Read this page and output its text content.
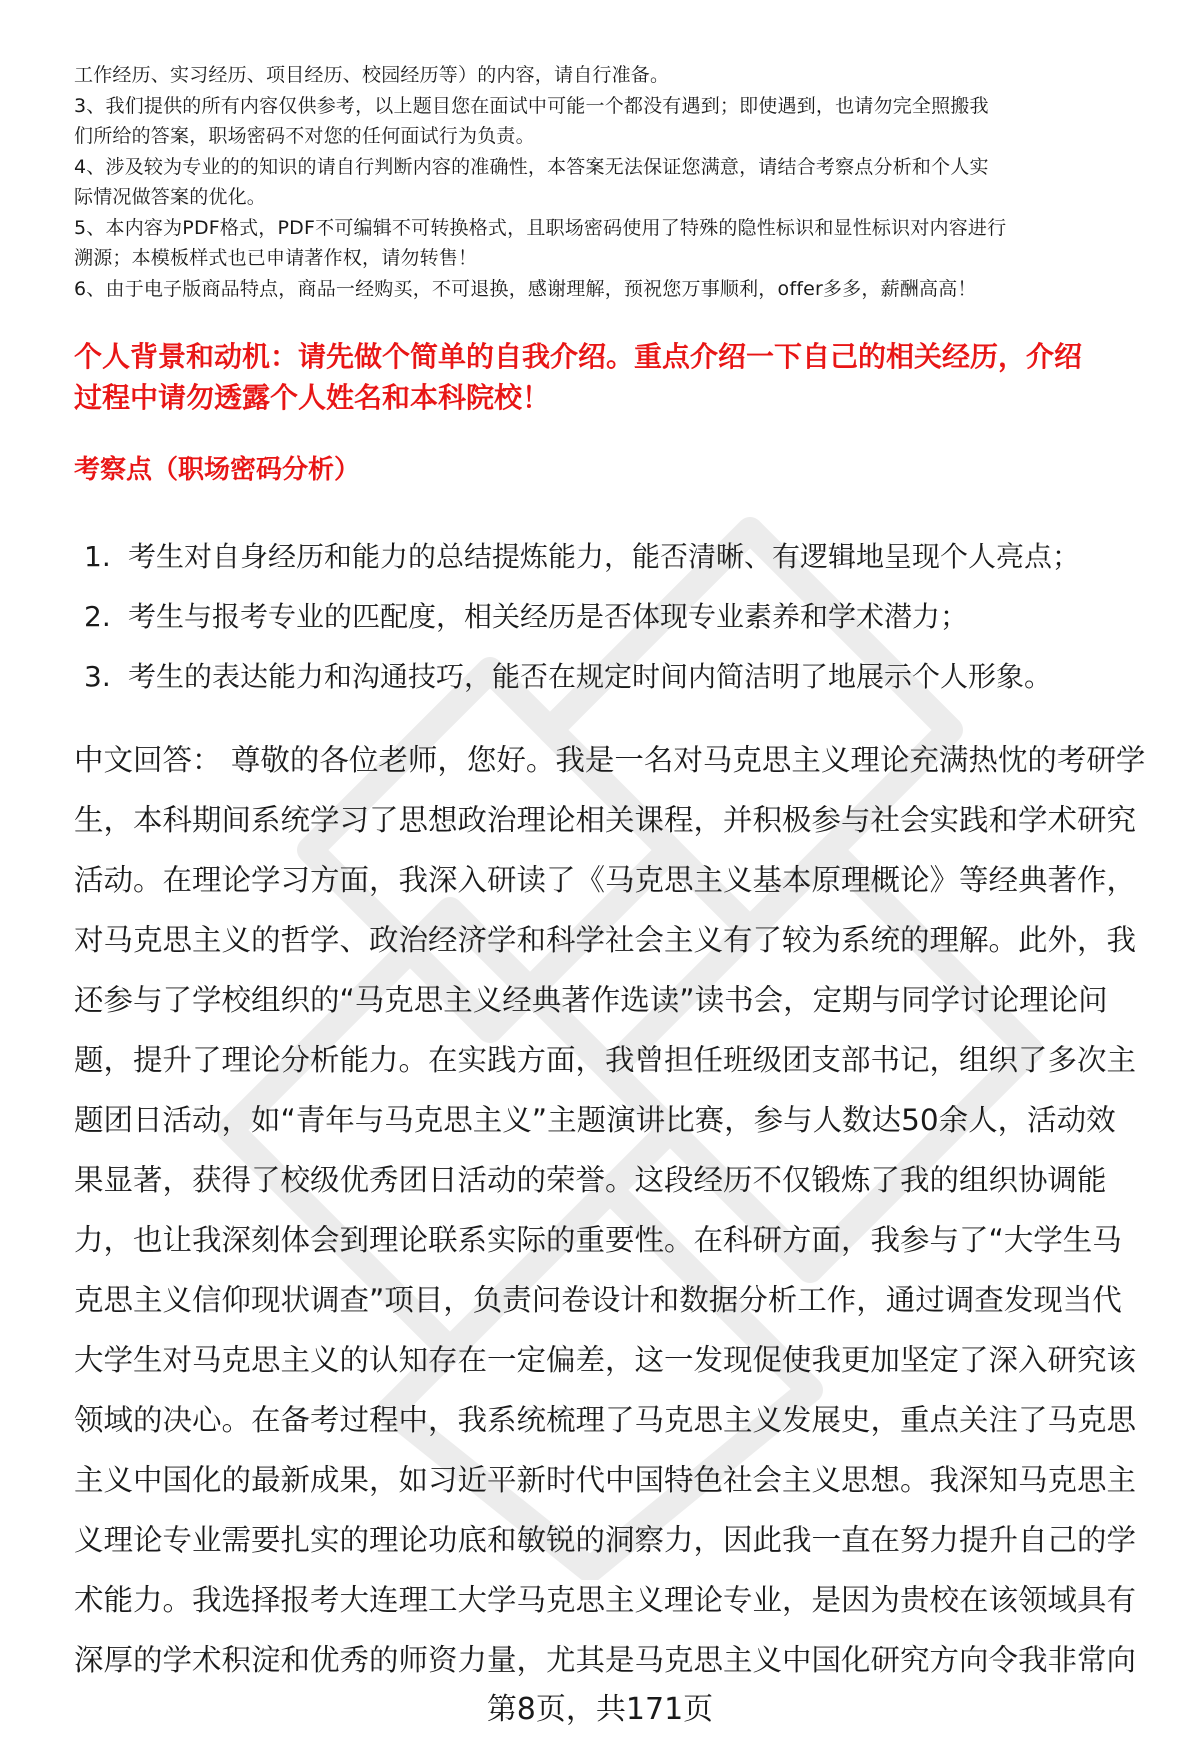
工作经历、实习经历、项目经历、校园经历等）的内容，请自行准备。

3、我们提供的所有内容仅供参考，以上题目您在面试中可能一个都没有遇到；即使遇到，也请勿完全照搬我

们所给的答案，职场密码不对您的任何面试行为负责。

4、涉及较为专业的的知识的请自行判断内容的准确性，本答案无法保证您满意，请结合考察点分析和个人实

际情况做答案的优化。

5、本内容为PDF格式，PDF不可编辑不可转换格式，且职场密码使用了特殊的隐性标识和显性标识对内容进行

溯源；本模板样式也已申请著作权，请勿转售！

6、由于电子版商品特点，商品一经购买，不可退换，感谢理解，预祝您万事顺利，offer多多，薪酬高高！

个人背景和动机：请先做个简单的自我介绍。重点介绍一下自己的相关经历，介绍
过程中请勿透露个人姓名和本科院校！
考察点（职场密码分析）
1. 考生对自身经历和能力的总结提炼能力，能否清晰、有逻辑地呈现个人亮点；
2. 考生与报考专业的匹配度，相关经历是否体现专业素养和学术潜力；
3. 考生的表达能力和沟通技巧，能否在规定时间内简洁明了地展示个人形象。

中文回答： 尊敬的各位老师，您好。我是一名对马克思主义理论充满热忱的考研学
生，本科期间系统学习了思想政治理论相关课程，并积极参与社会实践和学术研究
活动。在理论学习方面，我深入研读了《马克思主义基本原理概论》等经典著作，
对马克思主义的哲学、政治经济学和科学社会主义有了较为系统的理解。此外，我
还参与了学校组织的“马克思主义经典著作选读”读书会，定期与同学讨论理论问
题，提升了理论分析能力。在实践方面，我曾担任班级团支部书记，组织了多次主
题团日活动，如“青年与马克思主义”主题演讲比赛，参与人数达50余人，活动效
果显著，获得了校级优秀团日活动的荣誉。这段经历不仅锻炼了我的组织协调能
力，也让我深刻体会到理论联系实际的重要性。在科研方面，我参与了“大学生马
克思主义信仰现状调查”项目，负责问卷设计和数据分析工作，通过调查发现当代
大学生对马克思主义的认知存在一定偏差，这一发现促使我更加坚定了深入研究该
领域的决心。在备考过程中，我系统梳理了马克思主义发展史，重点关注了马克思
主义中国化的最新成果，如习近平新时代中国特色社会主义思想。我深知马克思主
义理论专业需要扎实的理论功底和敏锐的洞察力，因此我一直在努力提升自己的学
术能力。我选择报考大连理工大学马克思主义理论专业，是因为贵校在该领域具有
深厚的学术积淀和优秀的师资力量，尤其是马克思主义中国化研究方向令我非常向

第8页，共171页
